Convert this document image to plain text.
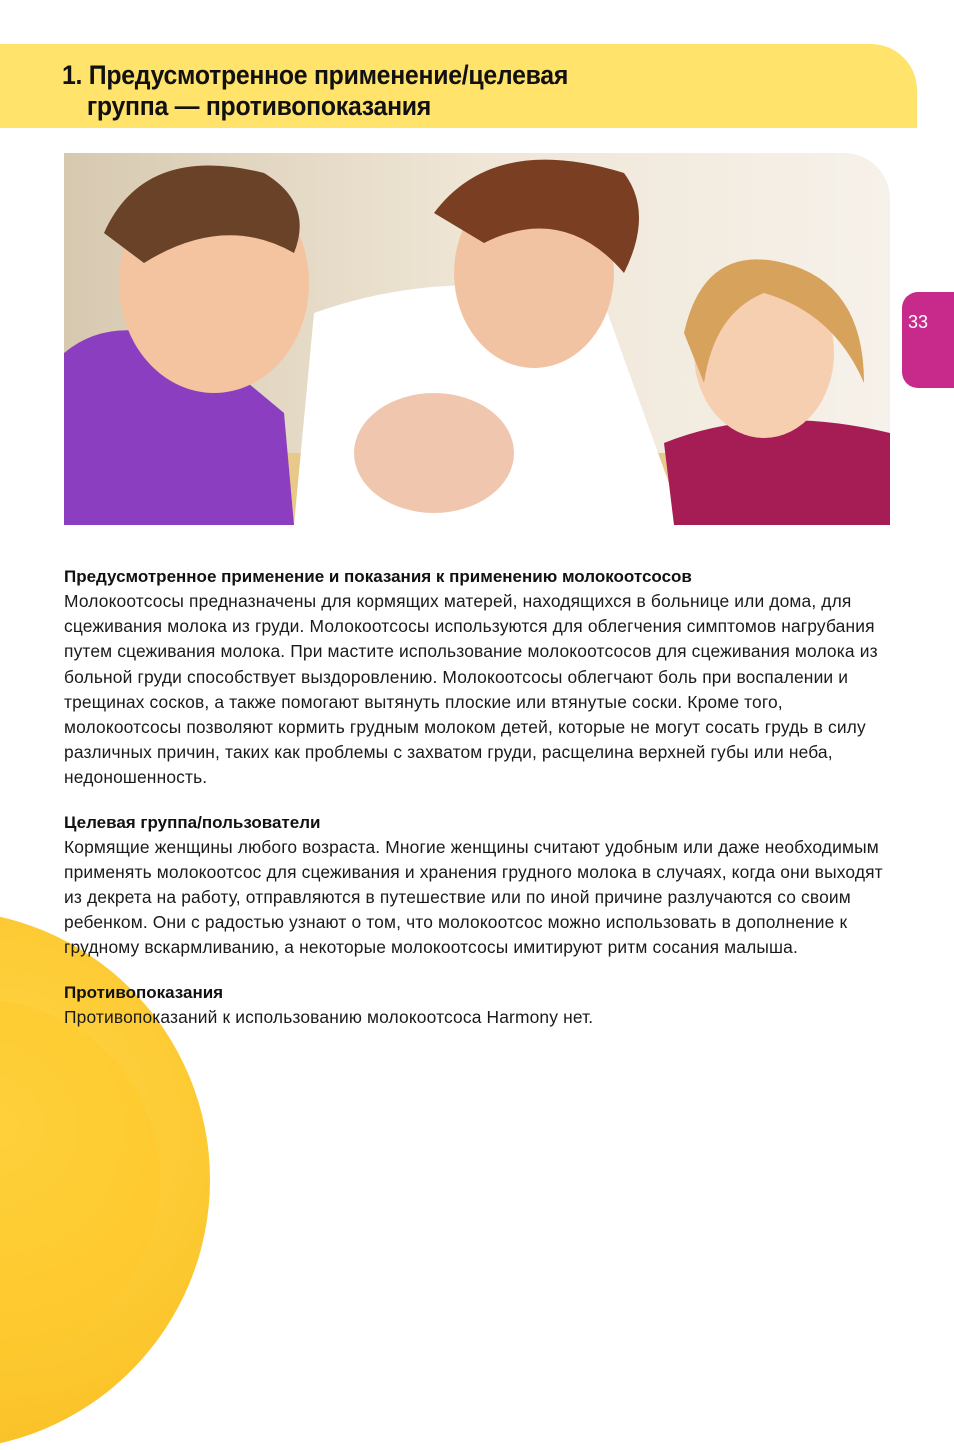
1. Предусмотренное применение/целевая
группа — противопоказания
33
Предусмотренное применение и показания к применению молокоотсосов

Молокоотсосы предназначены для кормящих матерей, находящихся в больнице или дома, для сцеживания молока из груди. Молокоотсосы используются для облегчения симптомов нагрубания путем сцеживания молока. При мастите использование молокоотсосов для сцеживания молока из больной груди способствует выздоровлению. Молокоотсосы облегчают боль при воспалении и трещинах сосков, а также помогают вытянуть плоские или втянутые соски. Кроме того, молокоотсосы позволяют кормить грудным молоком детей, которые не могут сосать грудь в силу различных причин, таких как проблемы с захватом груди, расщелина верхней губы или неба, недоношенность.

Целевая группа/пользователи

Кормящие женщины любого возраста. Многие женщины считают удобным или даже необходимым применять молокоотсос для сцеживания и хранения грудного молока в случаях, когда они выходят из декрета на работу, отправляются в путешествие или по иной причине разлучаются со своим ребенком. Они с радостью узнают о том, что молокоотсос можно использовать в дополнение к грудному вскармливанию, а некоторые молокоотсосы имитируют ритм сосания малыша.

Противопоказания

Противопоказаний к использованию молокоотсоса Harmony нет.
